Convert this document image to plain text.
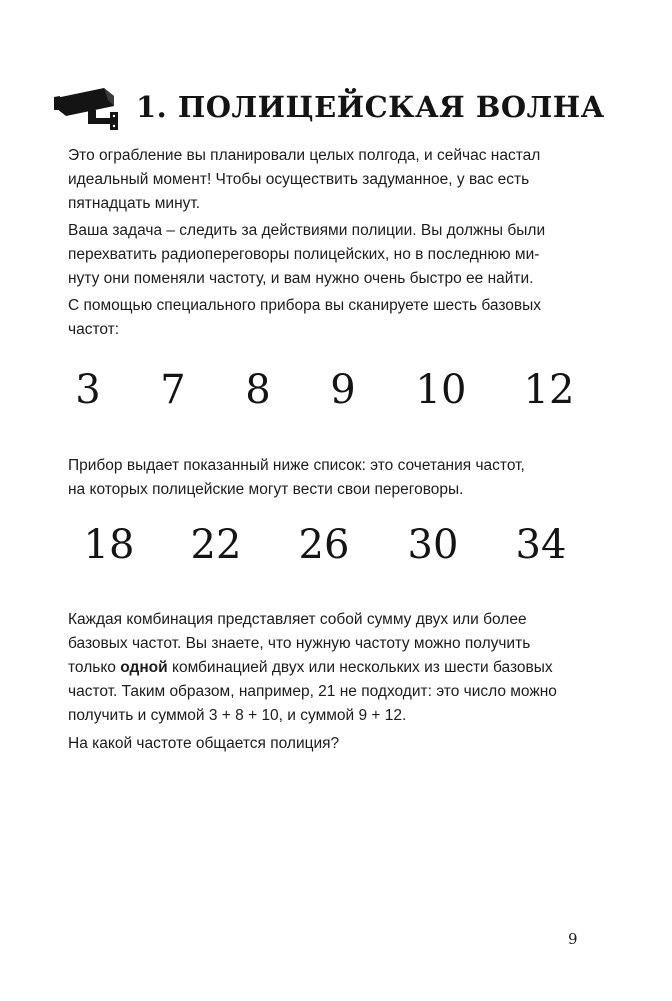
1. ПОЛИЦЕЙСКАЯ ВОЛНА

Это ограбление вы планировали целых полгода, и сейчас настал
идеальный момент! Чтобы осуществить задуманное, у вас есть
пятнадцать минут.

Ваша задача – следить за действиями полиции. Вы должны были
перехватить радиопереговоры полицейских, но в последнюю ми-
нуту они поменяли частоту, и вам нужно очень быстро ее найти.

С помощью специального прибора вы сканируете шесть базовых
частот:

3 7 8 9 10 12

Прибор выдает показанный ниже список: это сочетания частот,
на которых полицейские могут вести свои переговоры.

18 22 26 30 34

Каждая комбинация представляет собой сумму двух или более
базовых частот. Вы знаете, что нужную частоту можно получить
только одной комбинацией двух или нескольких из шести базовых
частот. Таким образом, например, 21 не подходит: это число можно
получить и суммой 3 + 8 + 10, и суммой 9 + 12.

На какой частоте общается полиция?

9
